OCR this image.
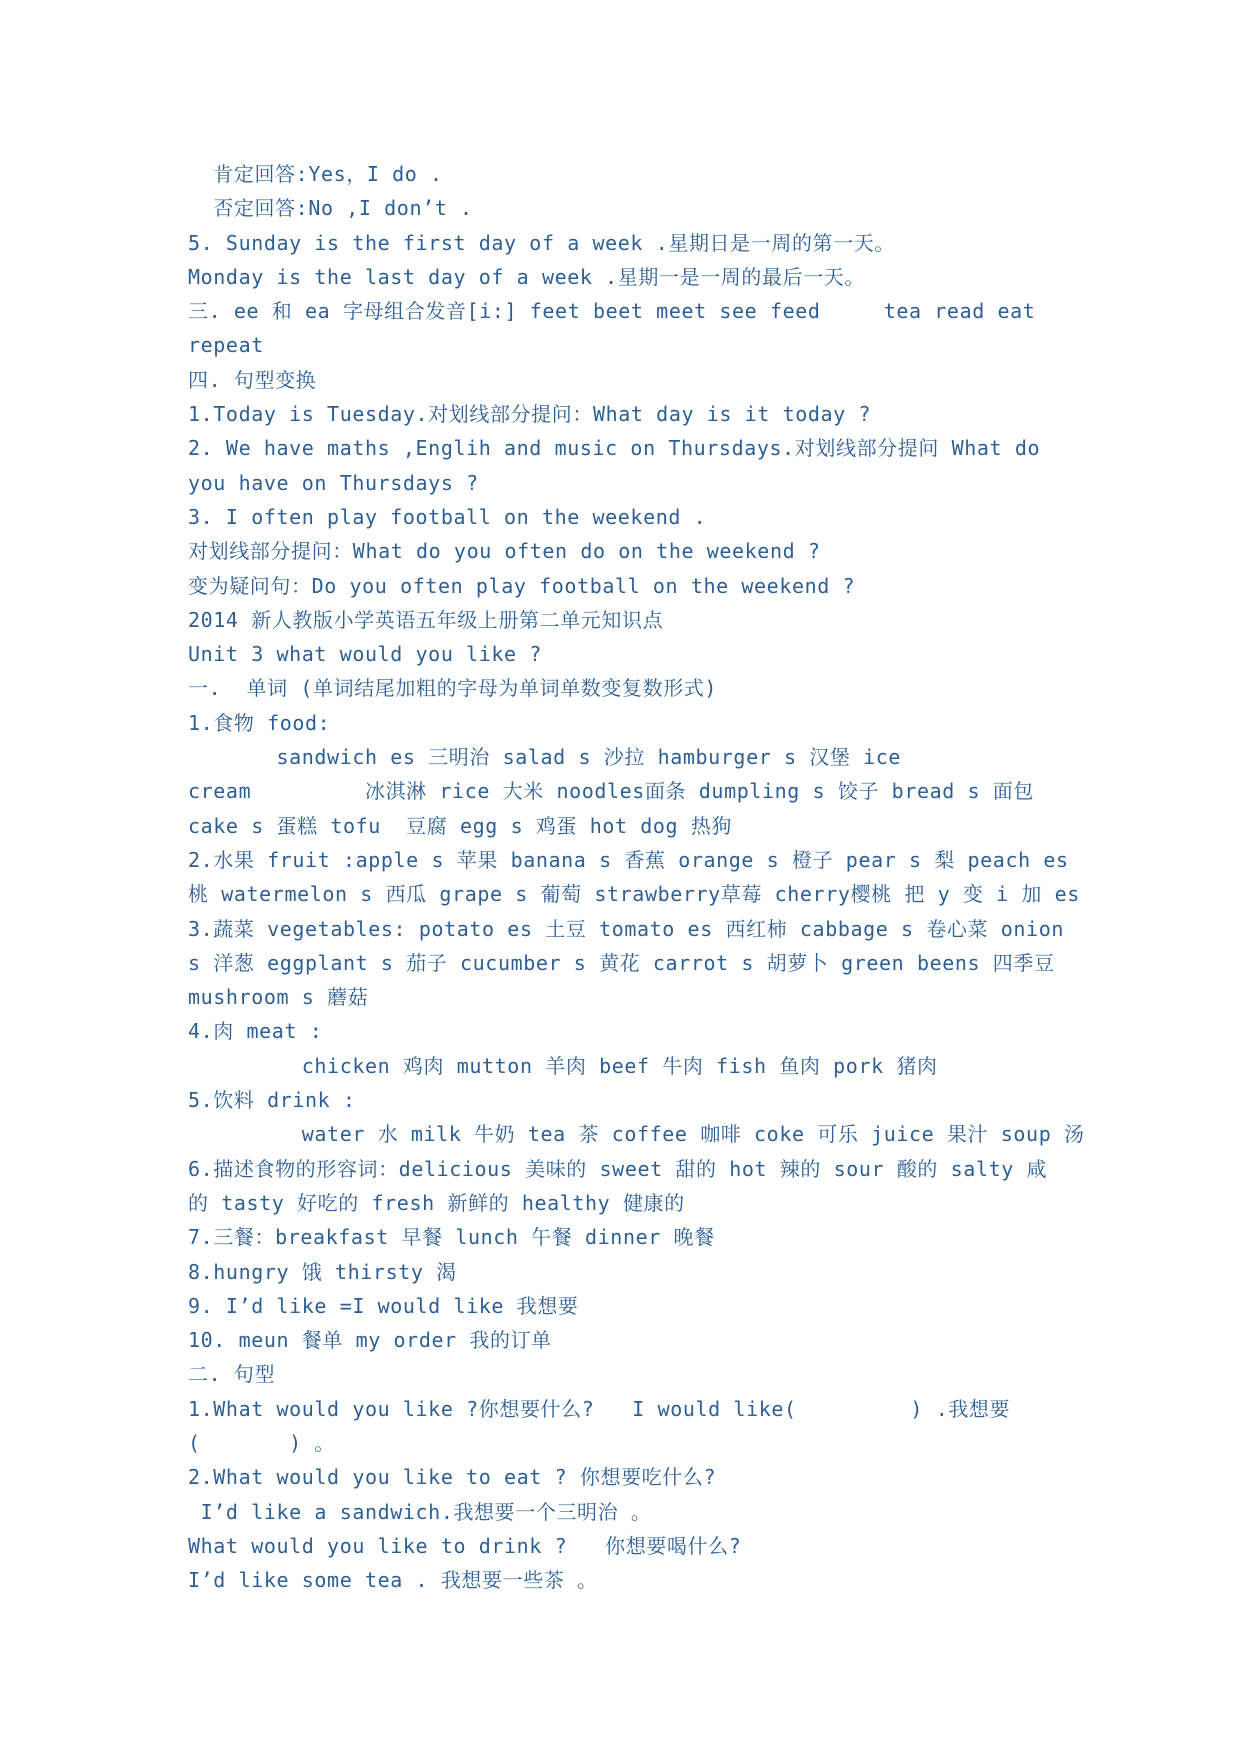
肯定回答:Yes，I do .
否定回答:No ,I don’t .
5. Sunday is the first day of a week .星期日是一周的第一天。
Monday is the last day of a week .星期一是一周的最后一天。
三. ee 和 ea 字母组合发音[i:] feet beet meet see feed     tea read eat
repeat
四. 句型变换
1.Today is Tuesday.对划线部分提问：What day is it today ?
2. We have maths ,Englih and music on Thursdays.对划线部分提问 What do
you have on Thursdays ?
3. I often play football on the weekend .
对划线部分提问：What do you often do on the weekend ?
变为疑问句：Do you often play football on the weekend ?
2014 新人教版小学英语五年级上册第二单元知识点
Unit 3 what would you like ?
一.  单词 (单词结尾加粗的字母为单词单数变复数形式)
1.食物 food:
sandwich es 三明治 salad s 沙拉 hamburger s 汉堡 ice
cream         冰淇淋 rice 大米 noodles面条 dumpling s 饺子 bread s 面包
cake s 蛋糕 tofu  豆腐 egg s 鸡蛋 hot dog 热狗
2.水果 fruit :apple s 苹果 banana s 香蕉 orange s 橙子 pear s 梨 peach es
桃 watermelon s 西瓜 grape s 葡萄 strawberry草莓 cherry樱桃 把 y 变 i 加 es
3.蔬菜 vegetables: potato es 土豆 tomato es 西红柿 cabbage s 卷心菜 onion
s 洋葱 eggplant s 茄子 cucumber s 黄花 carrot s 胡萝卜 green beens 四季豆
mushroom s 蘑菇
4.肉 meat :
chicken 鸡肉 mutton 羊肉 beef 牛肉 fish 鱼肉 pork 猪肉
5.饮料 drink :
water 水 milk 牛奶 tea 茶 coffee 咖啡 coke 可乐 juice 果汁 soup 汤
6.描述食物的形容词：delicious 美味的 sweet 甜的 hot 辣的 sour 酸的 salty 咸
的 tasty 好吃的 fresh 新鲜的 healthy 健康的
7.三餐：breakfast 早餐 lunch 午餐 dinner 晚餐
8.hungry 饿 thirsty 渴
9. I’d like =I would like 我想要
10. meun 餐单 my order 我的订单
二. 句型
1.What would you like ?你想要什么?   I would like(         ) .我想要
(       ) 。
2.What would you like to eat ? 你想要吃什么?
I’d like a sandwich.我想要一个三明治 。
What would you like to drink ?   你想要喝什么?
I’d like some tea . 我想要一些茶 。
